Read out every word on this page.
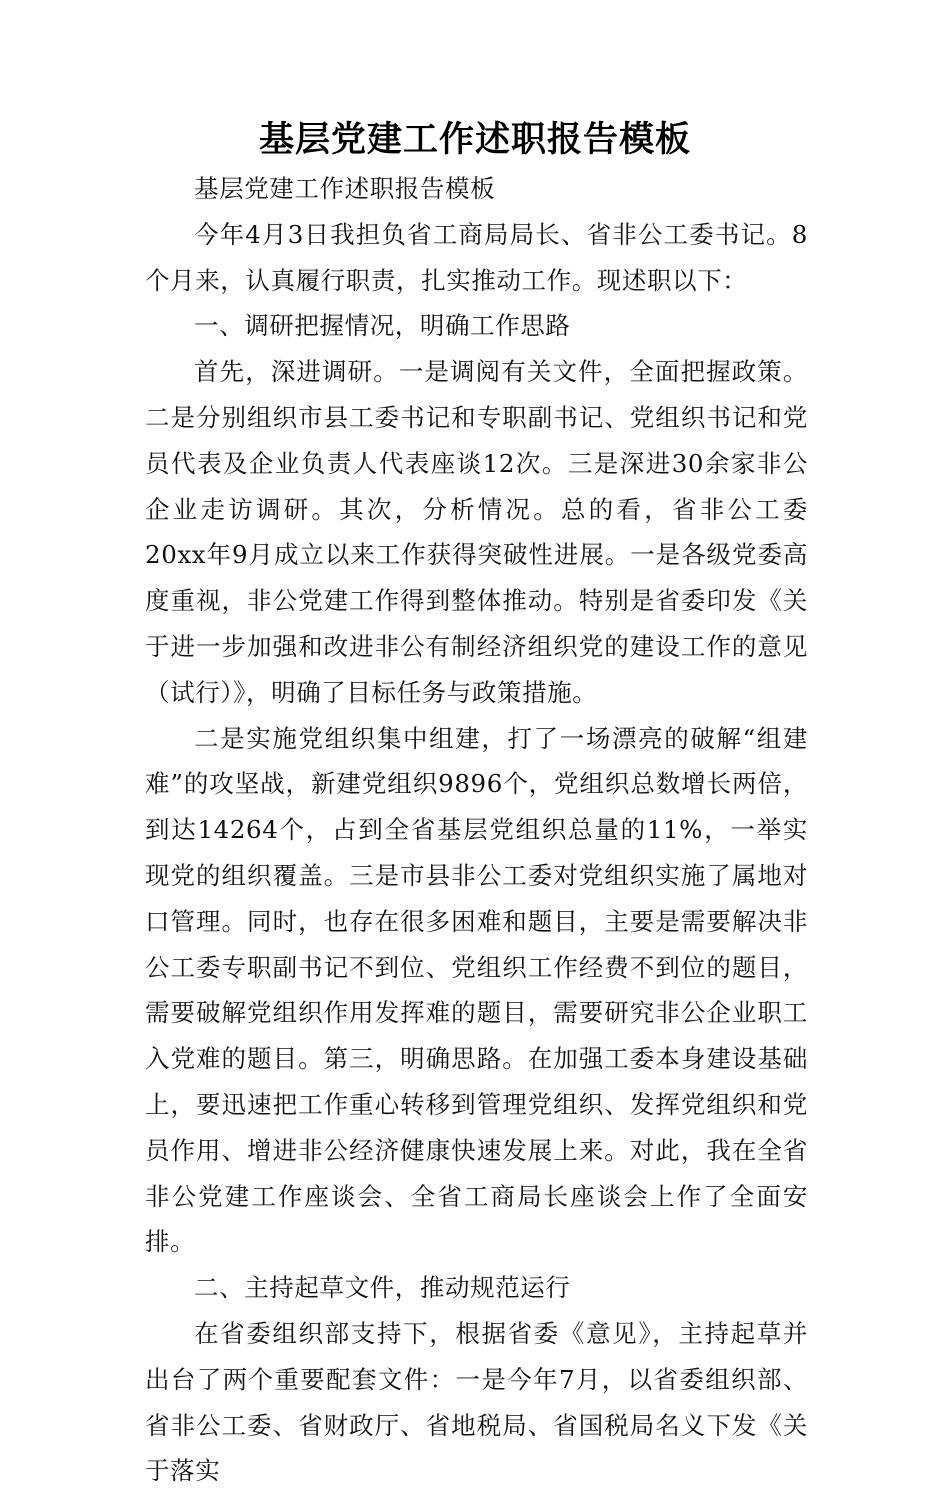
基层党建工作述职报告模板

基层党建工作述职报告模板

今年4月3日我担负省工商局局长、省非公工委书记。8个月来，认真履行职责，扎实推动工作。现述职以下：

一、调研把握情况，明确工作思路

首先，深进调研。一是调阅有关文件，全面把握政策。二是分别组织市县工委书记和专职副书记、党组织书记和党员代表及企业负责人代表座谈12次。三是深进30余家非公企业走访调研。其次，分析情况。总的看，省非公工委20xx年9月成立以来工作获得突破性进展。一是各级党委高度重视，非公党建工作得到整体推动。特别是省委印发《关于进一步加强和改进非公有制经济组织党的建设工作的意见（试行）》，明确了目标任务与政策措施。

二是实施党组织集中组建，打了一场漂亮的破解“组建难”的攻坚战，新建党组织9896个，党组织总数增长两倍，到达14264个，占到全省基层党组织总量的11%，一举实现党的组织覆盖。三是市县非公工委对党组织实施了属地对口管理。同时，也存在很多困难和题目，主要是需要解决非公工委专职副书记不到位、党组织工作经费不到位的题目，需要破解党组织作用发挥难的题目，需要研究非公企业职工入党难的题目。第三，明确思路。在加强工委本身建设基础上，要迅速把工作重心转移到管理党组织、发挥党组织和党员作用、增进非公经济健康快速发展上来。对此，我在全省非公党建工作座谈会、全省工商局长座谈会上作了全面安排。

二、主持起草文件，推动规范运行

在省委组织部支持下，根据省委《意见》，主持起草并出台了两个重要配套文件：一是今年7月，以省委组织部、省非公工委、省财政厅、省地税局、省国税局名义下发《关于落实
